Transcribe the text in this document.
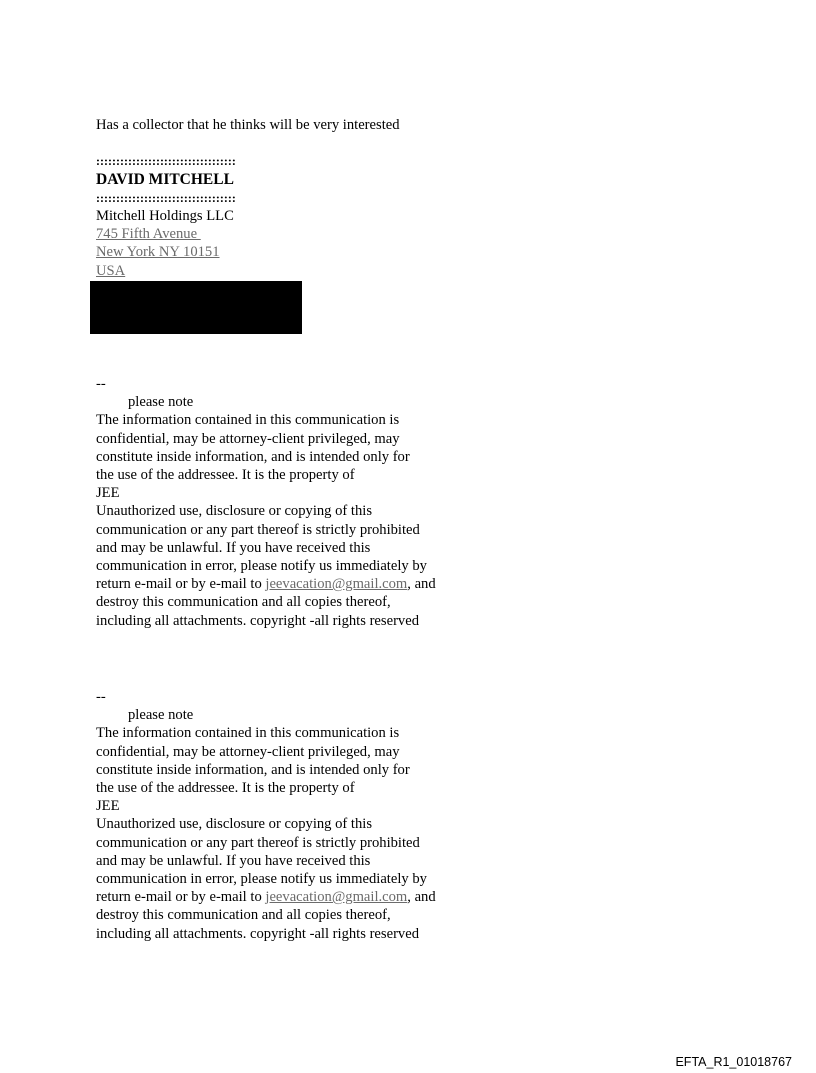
Has a collector that he thinks will be very interested

:::::::::::::::::::::::::::::::::::
DAVID MITCHELL
:::::::::::::::::::::::::::::::::::
Mitchell Holdings LLC
745 Fifth Avenue
New York NY 10151
USA
--
please note
The information contained in this communication is
confidential, may be attorney-client privileged, may
constitute inside information, and is intended only for
the use of the addressee. It is the property of
JEE
Unauthorized use, disclosure or copying of this
communication or any part thereof is strictly prohibited
and may be unlawful. If you have received this
communication in error, please notify us immediately by
return e-mail or by e-mail to jeevacation@gmail.com, and
destroy this communication and all copies thereof,
including all attachments. copyright -all rights reserved
--
please note
The information contained in this communication is
confidential, may be attorney-client privileged, may
constitute inside information, and is intended only for
the use of the addressee. It is the property of
JEE
Unauthorized use, disclosure or copying of this
communication or any part thereof is strictly prohibited
and may be unlawful. If you have received this
communication in error, please notify us immediately by
return e-mail or by e-mail to jeevacation@gmail.com, and
destroy this communication and all copies thereof,
including all attachments. copyright -all rights reserved
EFTA_R1_01018767
